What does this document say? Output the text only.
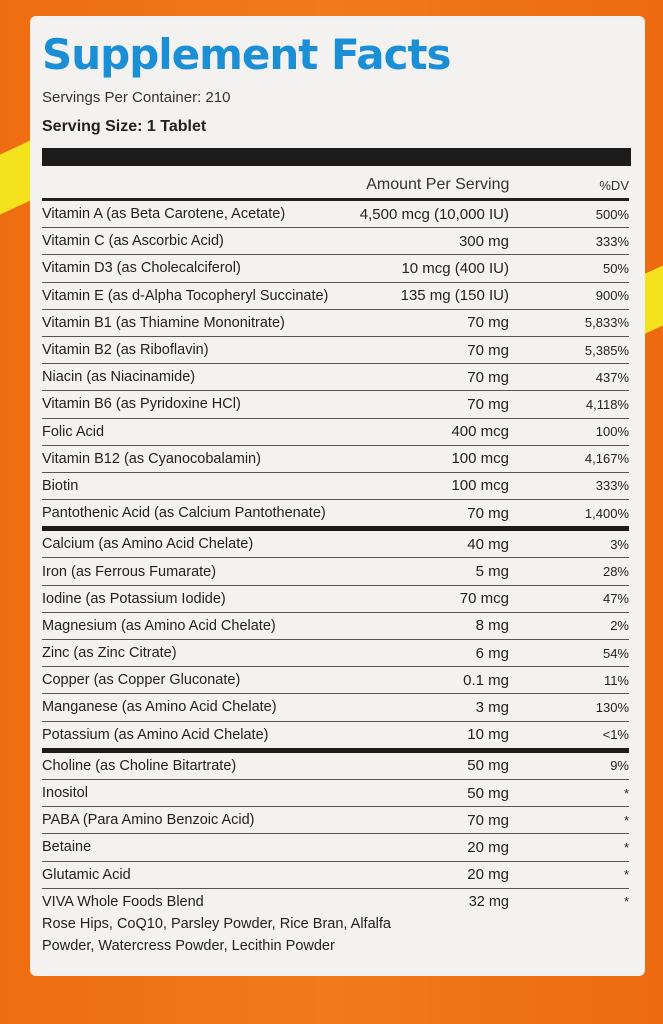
Supplement Facts
Servings Per Container: 210
Serving Size: 1 Tablet
Amount Per Serving	%DV
Vitamin A (as Beta Carotene, Acetate)	4,500 mcg (10,000 IU)	500%
Vitamin C (as Ascorbic Acid)	300 mg	333%
Vitamin D3 (as Cholecalciferol)	10 mcg (400 IU)	50%
Vitamin E (as d-Alpha Tocopheryl Succinate)	135 mg (150 IU)	900%
Vitamin B1 (as Thiamine Mononitrate)	70 mg	5,833%
Vitamin B2 (as Riboflavin)	70 mg	5,385%
Niacin (as Niacinamide)	70 mg	437%
Vitamin B6 (as Pyridoxine HCl)	70 mg	4,118%
Folic Acid	400 mcg	100%
Vitamin B12 (as Cyanocobalamin)	100 mcg	4,167%
Biotin	100 mcg	333%
Pantothenic Acid (as Calcium Pantothenate)	70 mg	1,400%
Calcium (as Amino Acid Chelate)	40 mg	3%
Iron (as Ferrous Fumarate)	5 mg	28%
Iodine (as Potassium Iodide)	70 mcg	47%
Magnesium (as Amino Acid Chelate)	8 mg	2%
Zinc (as Zinc Citrate)	6 mg	54%
Copper (as Copper Gluconate)	0.1 mg	11%
Manganese (as Amino Acid Chelate)	3 mg	130%
Potassium (as Amino Acid Chelate)	10 mg	<1%
Choline (as Choline Bitartrate)	50 mg	9%
Inositol	50 mg	*
PABA (Para Amino Benzoic Acid)	70 mg	*
Betaine	20 mg	*
Glutamic Acid	20 mg	*
VIVA Whole Foods Blend	32 mg	*
Rose Hips, CoQ10, Parsley Powder, Rice Bran, Alfalfa Powder, Watercress Powder, Lecithin Powder
